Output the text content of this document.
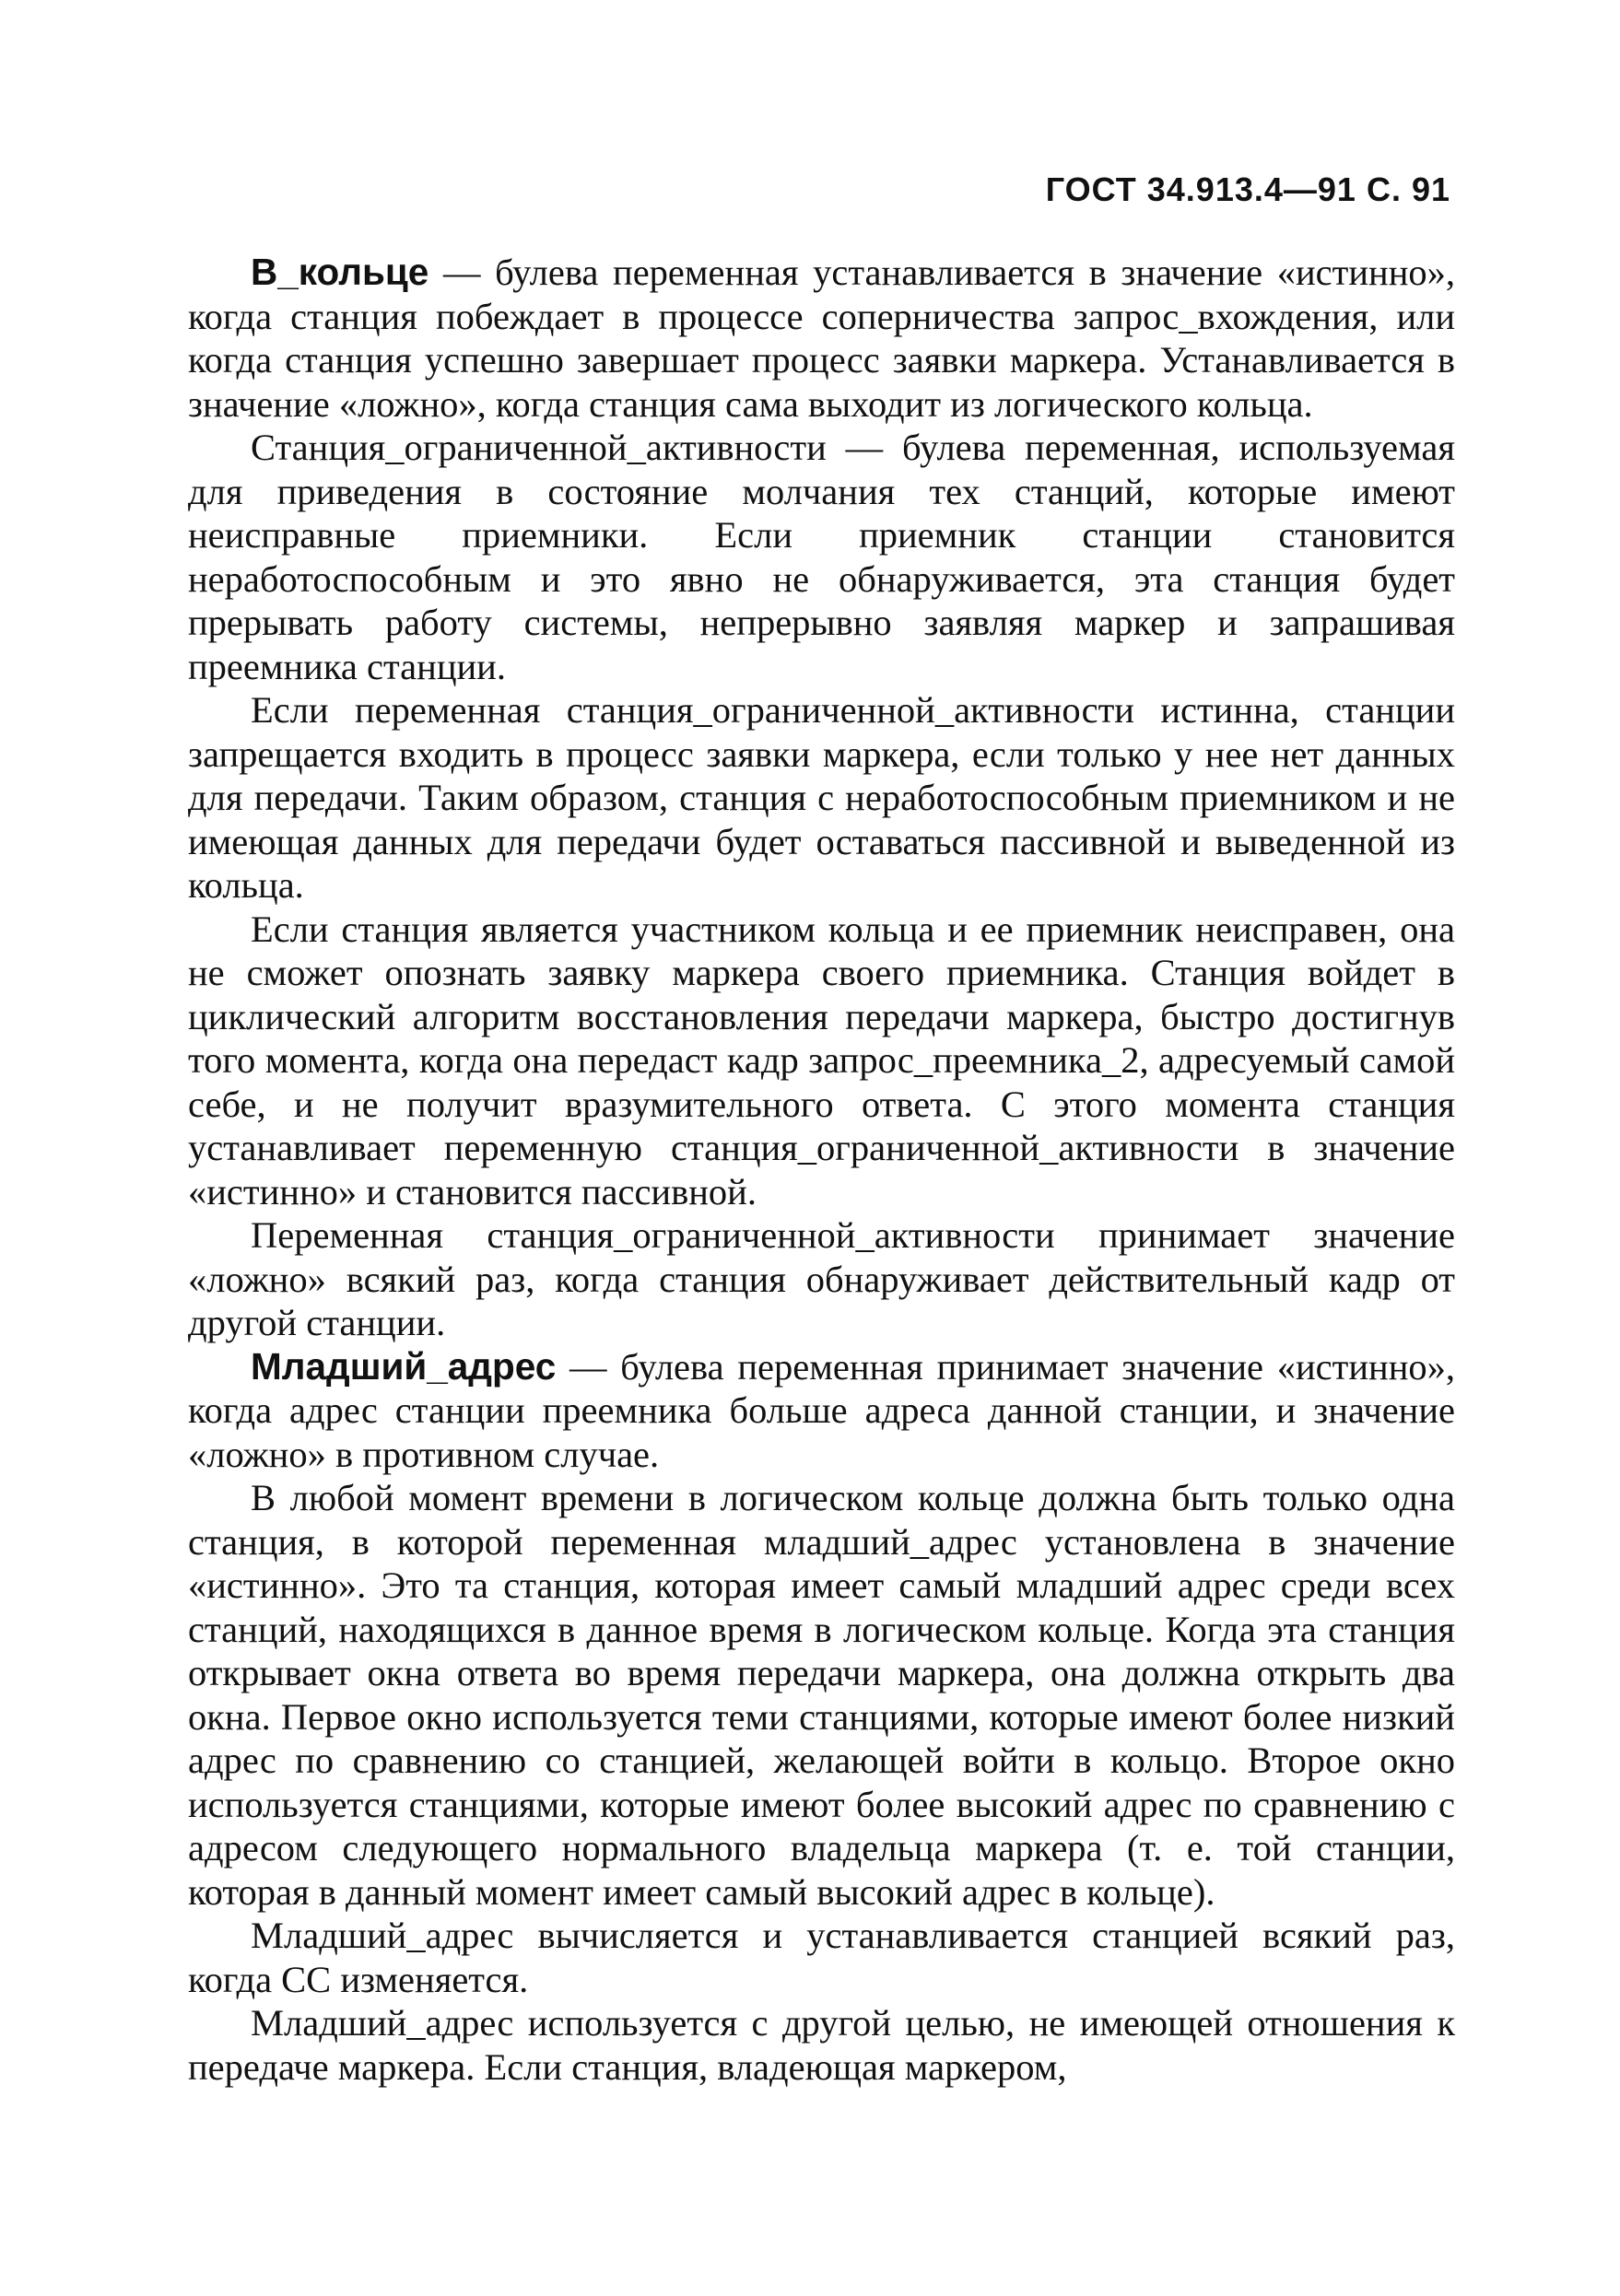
ГОСТ 34.913.4—91 С. 91

В_кольце — булева переменная устанавливается в значение «истинно», когда станция побеждает в процессе соперничества запрос_вхождения, или когда станция успешно завершает процесс заявки маркера. Устанавливается в значение «ложно», когда станция сама выходит из логического кольца.

Станция_ограниченной_активности — булева переменная, используемая для приведения в состояние молчания тех станций, которые имеют неисправные приемники. Если приемник станции становится неработоспособным и это явно не обнаруживается, эта станция будет прерывать работу системы, непрерывно заявляя маркер и запрашивая преемника станции.

Если переменная станция_ограниченной_активности истинна, станции запрещается входить в процесс заявки маркера, если только у нее нет данных для передачи. Таким образом, станция с неработоспособным приемником и не имеющая данных для передачи будет оставаться пассивной и выведенной из кольца.

Если станция является участником кольца и ее приемник неисправен, она не сможет опознать заявку маркера своего приемника. Станция войдет в циклический алгоритм восстановления передачи маркера, быстро достигнув того момента, когда она передаст кадр запрос_преемника_2, адресуемый самой себе, и не получит вразумительного ответа. С этого момента станция устанавливает переменную станция_ограниченной_активности в значение «истинно» и становится пассивной.

Переменная станция_ограниченной_активности принимает значение «ложно» всякий раз, когда станция обнаруживает действительный кадр от другой станции.

Младший_адрес — булева переменная принимает значение «истинно», когда адрес станции преемника больше адреса данной станции, и значение «ложно» в противном случае.

В любой момент времени в логическом кольце должна быть только одна станция, в которой переменная младший_адрес установлена в значение «истинно». Это та станция, которая имеет самый младший адрес среди всех станций, находящихся в данное время в логическом кольце. Когда эта станция открывает окна ответа во время передачи маркера, она должна открыть два окна. Первое окно используется теми станциями, которые имеют более низкий адрес по сравнению со станцией, желающей войти в кольцо. Второе окно используется станциями, которые имеют более высокий адрес по сравнению с адресом следующего нормального владельца маркера (т. е. той станции, которая в данный момент имеет самый высокий адрес в кольце).

Младший_адрес вычисляется и устанавливается станцией всякий раз, когда СС изменяется.

Младший_адрес используется с другой целью, не имеющей отношения к передаче маркера. Если станция, владеющая маркером,
